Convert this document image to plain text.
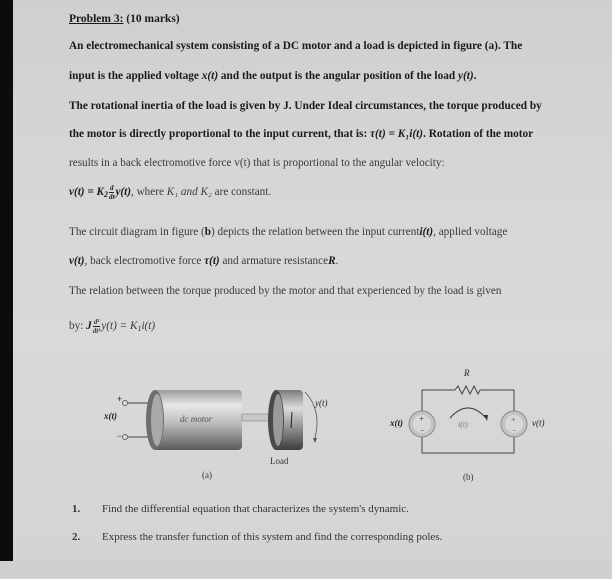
Problem 3: (10 marks)
An electromechanical system consisting of a DC motor and a load is depicted in figure (a). The
input is the applied voltage x(t) and the output is the angular position of the load y(t).
The rotational inertia of the load is given by J. Under Ideal circumstances, the torque produced by
the motor is directly proportional to the input current, that is: τ(t) = K₁i(t). Rotation of the motor
results in a back electromotive force v(t) that is proportional to the angular velocity:
$v(t) = K_2 \frac{d}{dt} y(t)$, where K₁ and K₂ are constant.
The circuit diagram in figure (b) depicts the relation between the input currenti(t), applied voltage
v(t), back electromotive force τ(t) and armature resistanceR.
The relation between the torque produced by the motor and that experienced by the load is given
by: J $\frac{\text{d²}}{\text{dt²}} y(t) = K_1i(t)$
+
−
x(t)	dc motor
y(t)
Load
(a)
+
−
+
−
R
x(t)	i(t)	v(t)
(b)
1. Find the differential equation that characterizes the system's dynamic.
2. Express the transfer function of this system and find the corresponding poles.
